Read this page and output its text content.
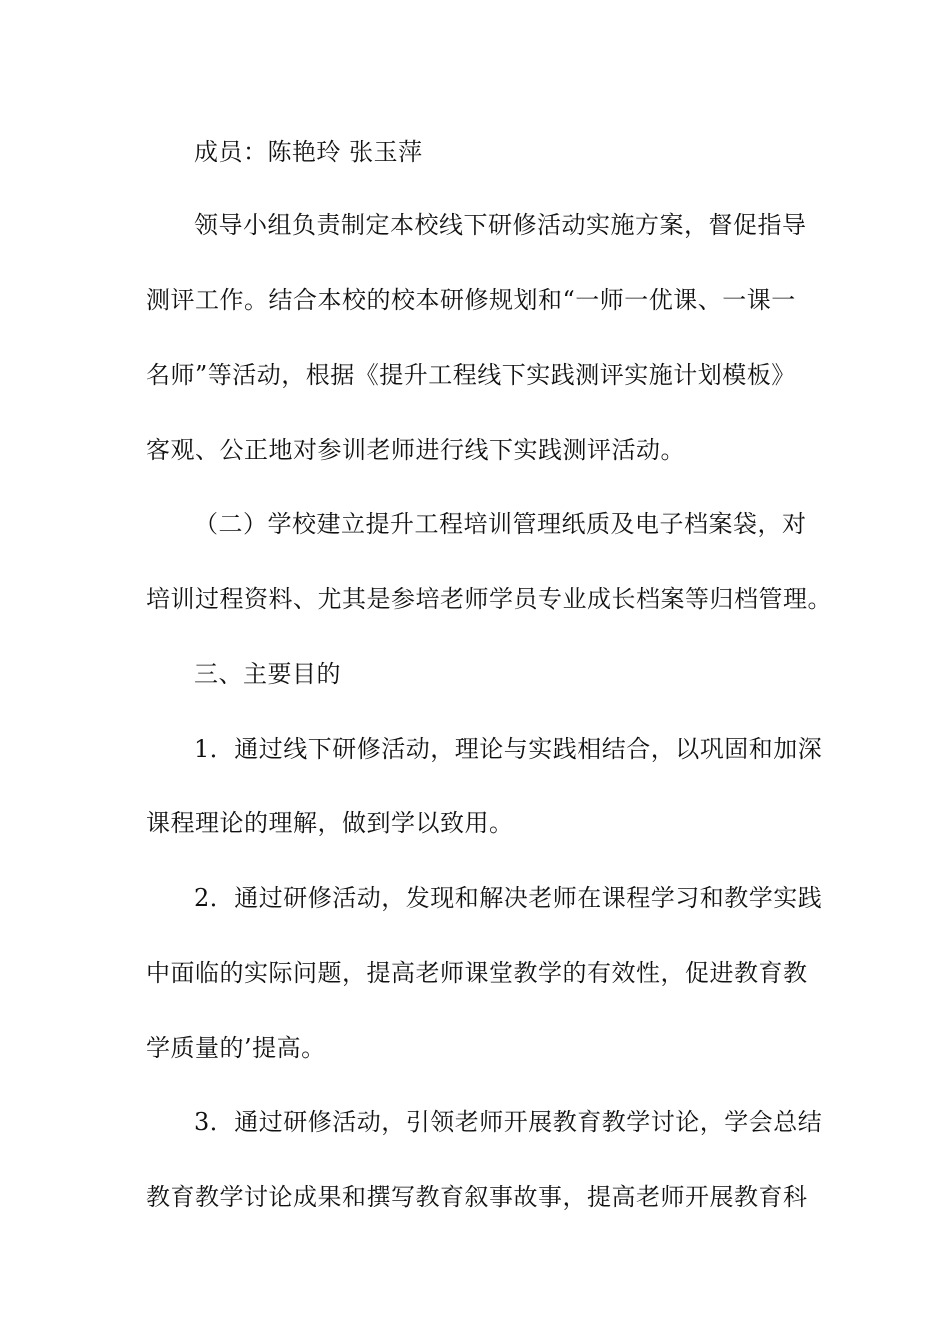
成员：陈艳玲 张玉萍
领导小组负责制定本校线下研修活动实施方案，督促指导
测评工作。结合本校的校本研修规划和“一师一优课、一课一
名师”等活动，根据《提升工程线下实践测评实施计划模板》
客观、公正地对参训老师进行线下实践测评活动。
（二）学校建立提升工程培训管理纸质及电子档案袋，对
培训过程资料、尤其是参培老师学员专业成长档案等归档管理。
三、主要目的
1．通过线下研修活动，理论与实践相结合，以巩固和加深
课程理论的理解，做到学以致用。
2．通过研修活动，发现和解决老师在课程学习和教学实践
中面临的实际问题，提高老师课堂教学的有效性，促进教育教
学质量的’提高。
3．通过研修活动，引领老师开展教育教学讨论，学会总结
教育教学讨论成果和撰写教育叙事故事，提高老师开展教育科
